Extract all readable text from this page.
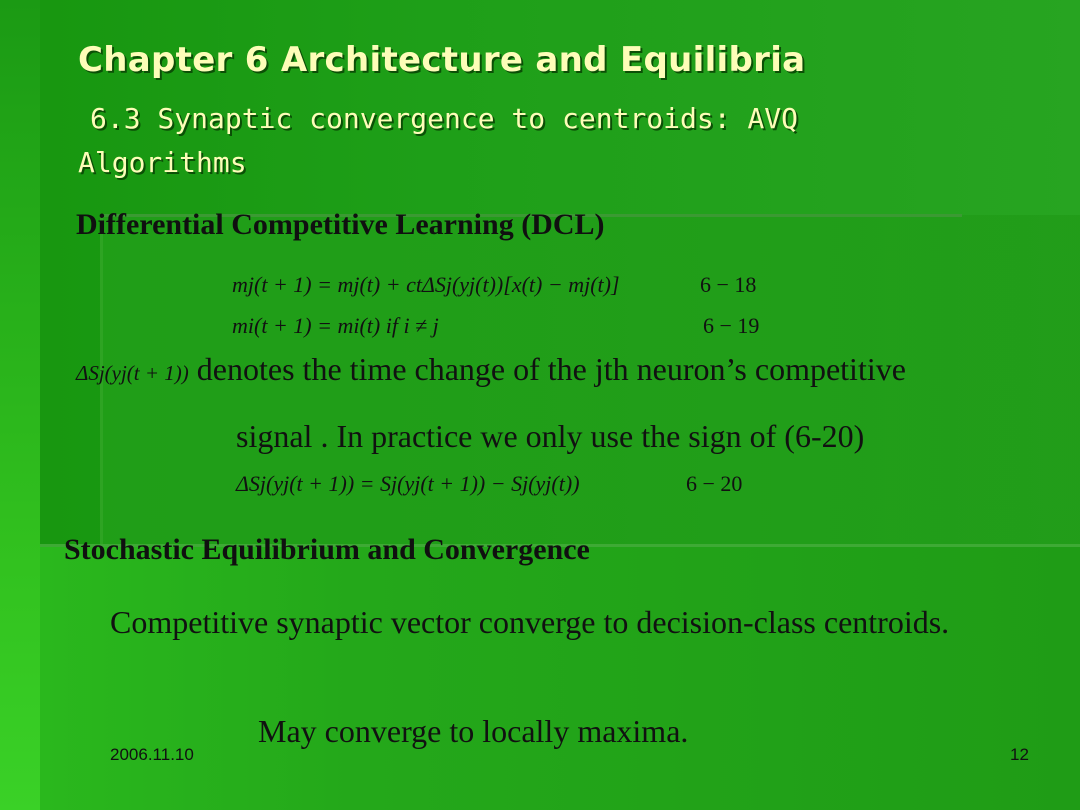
Chapter 6 Architecture and Equilibria

6.3 Synaptic convergence to centroids: AVQ Algorithms

Differential Competitive Learning (DCL)
mj(t + 1) = mj(t) + ctΔSj(yj(t))[x(t) − mj(t)]	6 − 18
mi(t + 1) = mi(t) if i ≠ j	6 − 19
ΔSj(yj(t + 1)) denotes the time change of the jth neuron’s competitive

signal . In practice we only use the sign of (6-20)

ΔSj(yj(t + 1)) = Sj(yj(t + 1)) − Sj(yj(t))	6 − 20
Stochastic Equilibrium and Convergence

Competitive synaptic vector converge to decision-class centroids.

May converge to locally maxima.

2006.11.10	12
